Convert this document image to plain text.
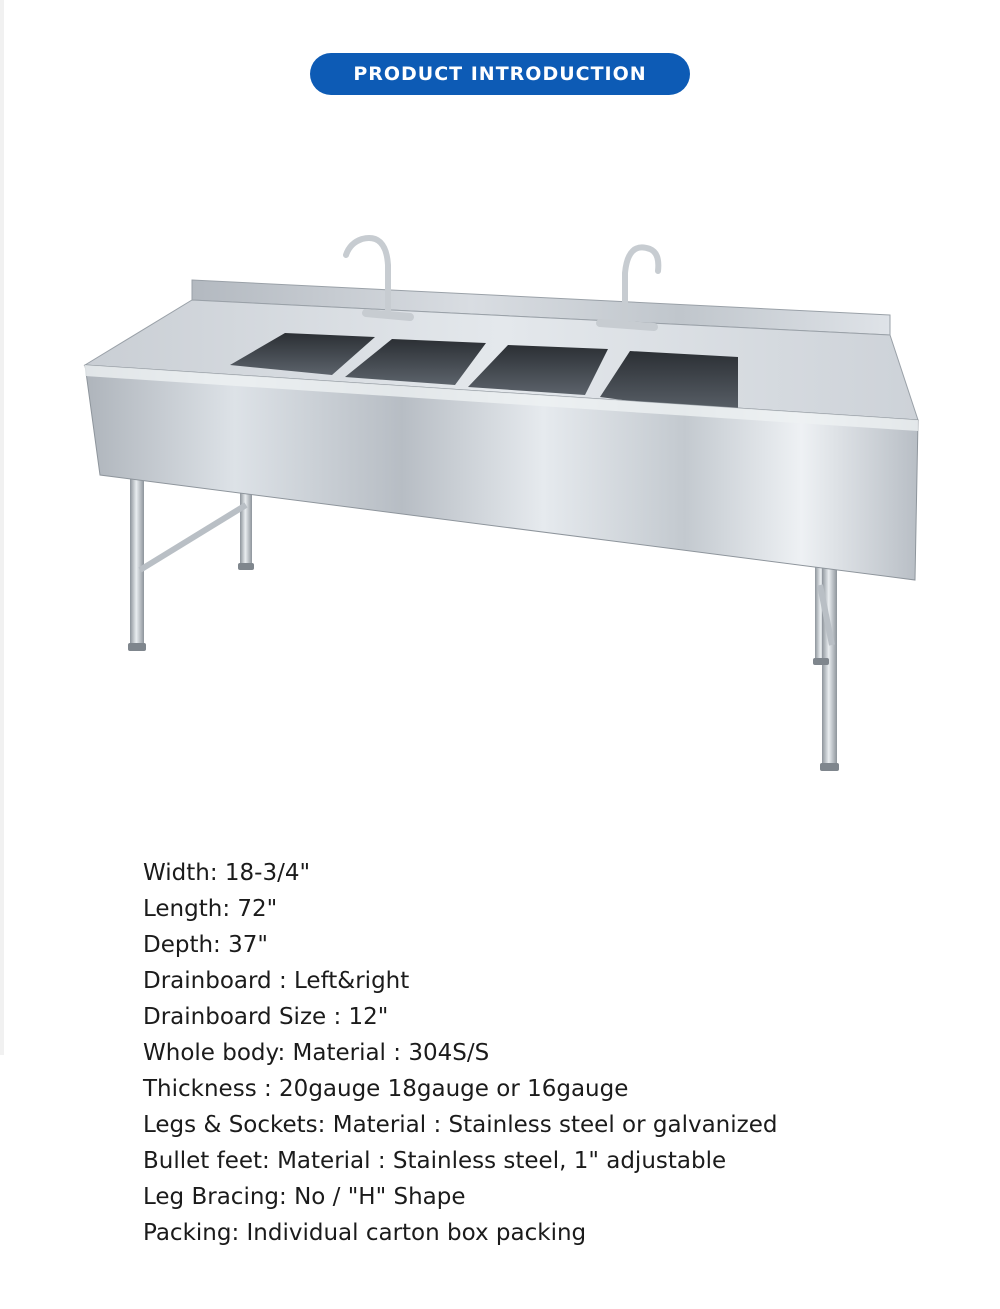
PRODUCT INTRODUCTION
Width: 18-3/4"
Length: 72"
Depth: 37"
Drainboard : Left&right
Drainboard Size : 12"
Whole body: Material : 304S/S
Thickness : 20gauge 18gauge or 16gauge
Legs & Sockets: Material : Stainless steel or galvanized
Bullet feet: Material : Stainless steel, 1" adjustable
Leg Bracing: No / "H" Shape
Packing: Individual carton box packing
